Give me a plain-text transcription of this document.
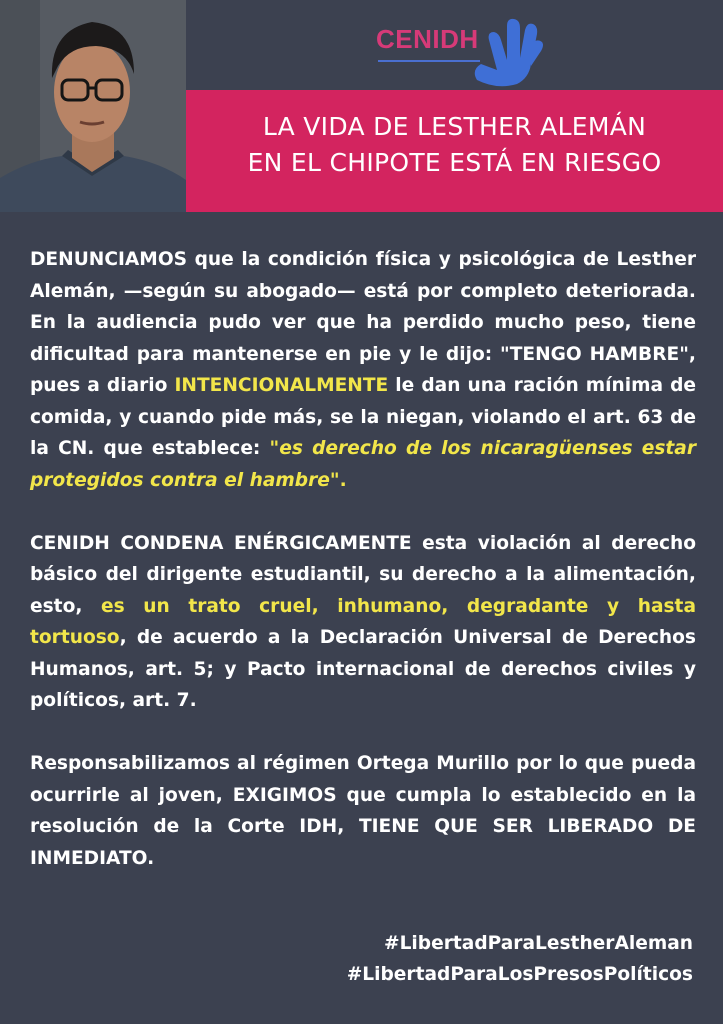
CENIDH
LA VIDA DE LESTHER ALEMÁN
EN EL CHIPOTE ESTÁ EN RIESGO

DENUNCIAMOS que la condición física y psicológica de Lesther Alemán, —según su abogado— está por completo deteriorada. En la audiencia pudo ver que ha perdido mucho peso, tiene dificultad para mantenerse en pie y le dijo: "TENGO HAMBRE", pues a diario INTENCIONALMENTE le dan una ración mínima de comida, y cuando pide más, se la niegan, violando el art. 63 de la CN. que establece: "es derecho de los nicaragüenses estar protegidos contra el hambre".

CENIDH CONDENA ENÉRGICAMENTE esta violación al derecho básico del dirigente estudiantil, su derecho a la alimentación, esto, es un trato cruel, inhumano, degradante y hasta tortuoso, de acuerdo a la Declaración Universal de Derechos Humanos, art. 5; y Pacto internacional de derechos civiles y políticos, art. 7.

Responsabilizamos al régimen Ortega Murillo por lo que pueda ocurrirle al joven, EXIGIMOS que cumpla lo establecido en la resolución de la Corte IDH, TIENE QUE SER LIBERADO DE INMEDIATO.

#LibertadParaLestherAleman
#LibertadParaLosPresosPolíticos
